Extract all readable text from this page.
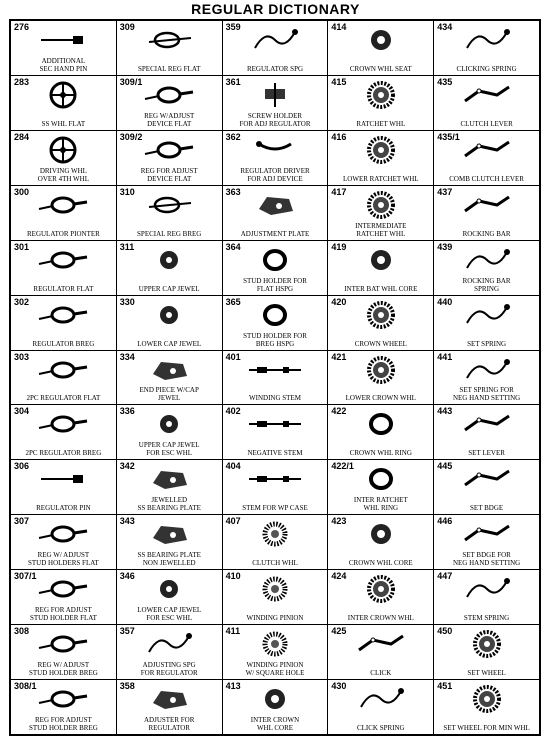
REGULAR DICTIONARY
276
ADDITIONAL
SEC HAND PIN
309
SPECIAL REG FLAT
359
REGULATOR SPG
414
CROWN WHL SEAT
434
CLICKING SPRING
283
SS WHL FLAT
309/1
REG W/ADJUST
DEVICE FLAT
361
SCREW HOLDER
FOR ADJ REGULATOR
415
RATCHET WHL
435
CLUTCH LEVER
284
DRIVING WHL
OVER 4TH WHL
309/2
REG FOR ADJUST
DEVICE FLAT
362
REGULATOR DRIVER
FOR ADJ DEVICE
416
LOWER RATCHET WHL
435/1
COMB CLUTCH LEVER
300
REGULATOR PIONTER
310
SPECIAL REG BREG
363
ADJUSTMENT PLATE
417
INTERMEDIATE
RATCHET WHL
437
ROCKING BAR
301
REGULATOR FLAT
311
UPPER CAP JEWEL
364
STUD HOLDER FOR
FLAT HSPG
419
INTER BAT WHL CORE
439
ROCKING BAR
SPRING
302
REGULATOR BREG
330
LOWER CAP JEWEL
365
STUD HOLDER FOR
BREG HSPG
420
CROWN WHEEL
440
SET SPRING
303
2PC REGULATOR FLAT
334
END PIECE W/CAP
JEWEL
401
WINDING STEM
421
LOWER CROWN WHL
441
SET SPRING FOR
NEG HAND SETTING
304
2PC REGULATOR BREG
336
UPPER CAP JEWEL
FOR ESC WHL
402
NEGATIVE STEM
422
CROWN WHL RING
443
SET LEVER
306
REGULATOR PIN
342
JEWELLED
SS BEARING PLATE
404
STEM FOR WP CASE
422/1
INTER RATCHET
WHL RING
445
SET BDGE
307
REG W/ ADJUST
STUD HOLDERS FLAT
343
SS BEARING PLATE
NON JEWELLED
407
CLUTCH WHL
423
CROWN WHL CORE
446
SET BDGE FOR
NEG HAND SETTING
307/1
REG FOR ADJUST
STUD HOLDER FLAT
346
LOWER CAP JEWEL
FOR ESC WHL
410
WINDING PINION
424
INTER CROWN WHL
447
STEM SPRING
308
REG W/ ADJUST
STUD HOLDER BREG
357
ADJUSTING SPG
FOR REGULATOR
411
WINDING PINION
W/ SQUARE HOLE
425
CLICK
450
SET WHEEL
308/1
REG FOR ADJUST
STUD HOLDER BREG
358
ADJUSTER FOR
REGULATOR
413
INTER CROWN
WHL CORE
430
CLICK SPRING
451
SET WHEEL FOR MIN WHL
